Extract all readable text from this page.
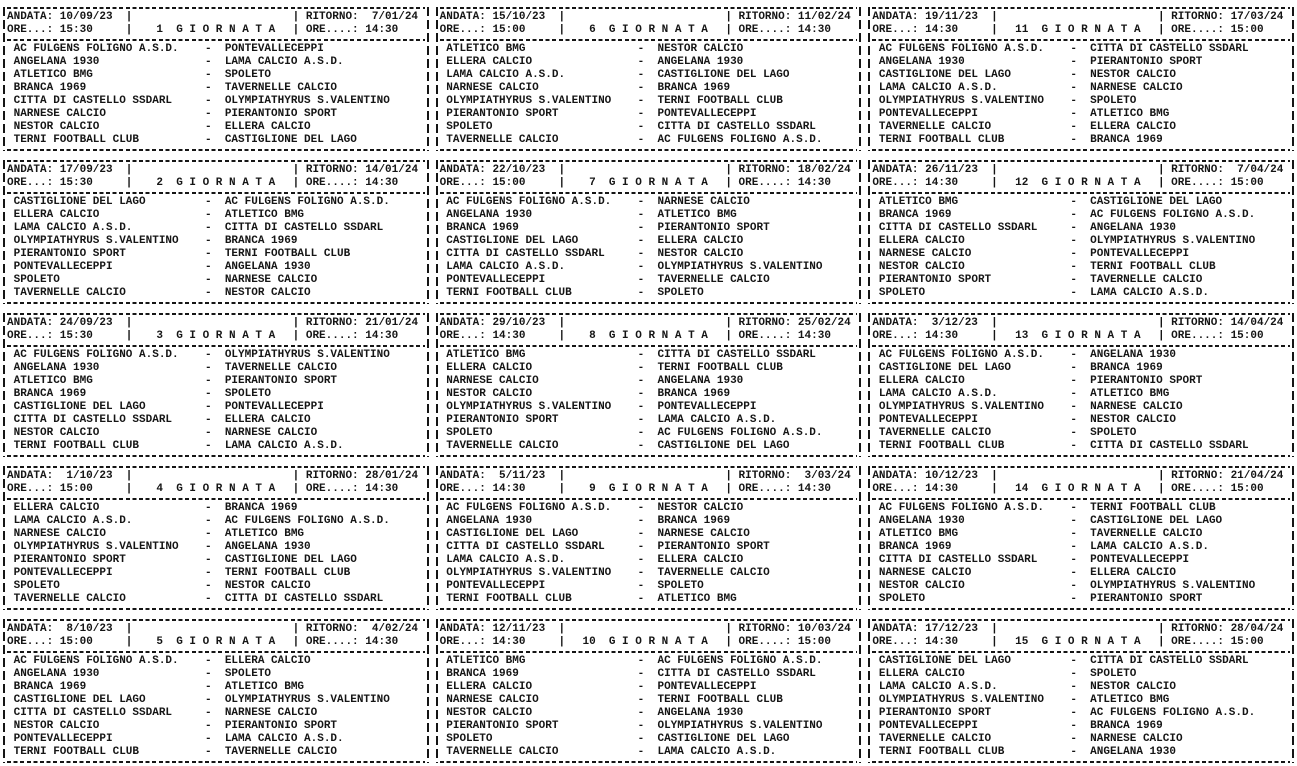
ANDATA: 10/09/23 |	| RITORNO:	7/01/24
ORE...: 15:30	|	1 G I O R N A T A | ORE....: 14:30
AC FULGENS FOLIGNO A.S.D.	-	PONTEVALLECEPPI
ANGELANA 1930	-	LAMA CALCIO A.S.D.
ATLETICO BMG	-	SPOLETO
BRANCA 1969	-	TAVERNELLE CALCIO
CITTA DI CASTELLO SSDARL	-	OLYMPIATHYRUS S.VALENTINO
NARNESE CALCIO	-	PIERANTONIO SPORT
NESTOR CALCIO	-	ELLERA CALCIO
TERNI FOOTBALL CLUB	-	CASTIGLIONE DEL LAGO
ANDATA: 17/09/23 |	| RITORNO: 14/01/24
ORE...: 15:30	|	2 G I O R N A T A | ORE....: 14:30
CASTIGLIONE DEL LAGO	-	AC FULGENS FOLIGNO A.S.D.
ELLERA CALCIO	-	ATLETICO BMG
LAMA CALCIO A.S.D.	-	CITTA DI CASTELLO SSDARL
OLYMPIATHYRUS S.VALENTINO	-	BRANCA 1969
PIERANTONIO SPORT	-	TERNI FOOTBALL CLUB
PONTEVALLECEPPI	-	ANGELANA 1930
SPOLETO	-	NARNESE CALCIO
TAVERNELLE CALCIO	-	NESTOR CALCIO
ANDATA: 24/09/23 |	| RITORNO: 21/01/24
ORE...: 15:30	|	3 G I O R N A T A | ORE....: 14:30
AC FULGENS FOLIGNO A.S.D.	-	OLYMPIATHYRUS S.VALENTINO
ANGELANA 1930	-	TAVERNELLE CALCIO
ATLETICO BMG	-	PIERANTONIO SPORT
BRANCA 1969	-	SPOLETO
CASTIGLIONE DEL LAGO	-	PONTEVALLECEPPI
CITTA DI CASTELLO SSDARL	-	ELLERA CALCIO
NESTOR CALCIO	-	NARNESE CALCIO
TERNI FOOTBALL CLUB	-	LAMA CALCIO A.S.D.
ANDATA:	1/10/23 |	| RITORNO: 28/01/24
ORE...: 15:00	|	4 G I O R N A T A | ORE....: 14:30
ELLERA CALCIO	-	BRANCA 1969
LAMA CALCIO A.S.D.	-	AC FULGENS FOLIGNO A.S.D.
NARNESE CALCIO	-	ATLETICO BMG
OLYMPIATHYRUS S.VALENTINO	-	ANGELANA 1930
PIERANTONIO SPORT	-	CASTIGLIONE DEL LAGO
PONTEVALLECEPPI	-	TERNI FOOTBALL CLUB
SPOLETO	-	NESTOR CALCIO
TAVERNELLE CALCIO	-	CITTA DI CASTELLO SSDARL
ANDATA:	8/10/23 |	| RITORNO:	4/02/24
ORE...: 15:00	|	5 G I O R N A T A | ORE....: 14:30
AC FULGENS FOLIGNO A.S.D.	-	ELLERA CALCIO
ANGELANA 1930	-	SPOLETO
BRANCA 1969	-	ATLETICO BMG
CASTIGLIONE DEL LAGO	-	OLYMPIATHYRUS S.VALENTINO
CITTA DI CASTELLO SSDARL	-	NARNESE CALCIO
NESTOR CALCIO	-	PIERANTONIO SPORT
PONTEVALLECEPPI	-	LAMA CALCIO A.S.D.
TERNI FOOTBALL CLUB	-	TAVERNELLE CALCIO
ANDATA: 15/10/23 |	| RITORNO: 11/02/24
ORE...: 15:00	|	6 G I O R N A T A | ORE....: 14:30
ATLETICO BMG	-	NESTOR CALCIO
ELLERA CALCIO	-	ANGELANA 1930
LAMA CALCIO A.S.D.	-	CASTIGLIONE DEL LAGO
NARNESE CALCIO	-	BRANCA 1969
OLYMPIATHYRUS S.VALENTINO	-	TERNI FOOTBALL CLUB
PIERANTONIO SPORT	-	PONTEVALLECEPPI
SPOLETO	-	CITTA DI CASTELLO SSDARL
TAVERNELLE CALCIO	-	AC FULGENS FOLIGNO A.S.D.
ANDATA: 22/10/23 |	| RITORNO: 18/02/24
ORE...: 15:00	|	7 G I O R N A T A | ORE....: 14:30
AC FULGENS FOLIGNO A.S.D.	-	NARNESE CALCIO
ANGELANA 1930	-	ATLETICO BMG
BRANCA 1969	-	PIERANTONIO SPORT
CASTIGLIONE DEL LAGO	-	ELLERA CALCIO
CITTA DI CASTELLO SSDARL	-	NESTOR CALCIO
LAMA CALCIO A.S.D.	-	OLYMPIATHYRUS S.VALENTINO
PONTEVALLECEPPI	-	TAVERNELLE CALCIO
TERNI FOOTBALL CLUB	-	SPOLETO
ANDATA: 29/10/23 |	| RITORNO: 25/02/24
ORE...: 14:30	|	8 G I O R N A T A | ORE....: 14:30
ATLETICO BMG	-	CITTA DI CASTELLO SSDARL
ELLERA CALCIO	-	TERNI FOOTBALL CLUB
NARNESE CALCIO	-	ANGELANA 1930
NESTOR CALCIO	-	BRANCA 1969
OLYMPIATHYRUS S.VALENTINO	-	PONTEVALLECEPPI
PIERANTONIO SPORT	-	LAMA CALCIO A.S.D.
SPOLETO	-	AC FULGENS FOLIGNO A.S.D.
TAVERNELLE CALCIO	-	CASTIGLIONE DEL LAGO
ANDATA:	5/11/23 |	| RITORNO:	3/03/24
ORE...: 14:30	|	9 G I O R N A T A | ORE....: 14:30
AC FULGENS FOLIGNO A.S.D.	-	NESTOR CALCIO
ANGELANA 1930	-	BRANCA 1969
CASTIGLIONE DEL LAGO	-	NARNESE CALCIO
CITTA DI CASTELLO SSDARL	-	PIERANTONIO SPORT
LAMA CALCIO A.S.D.	-	ELLERA CALCIO
OLYMPIATHYRUS S.VALENTINO	-	TAVERNELLE CALCIO
PONTEVALLECEPPI	-	SPOLETO
TERNI FOOTBALL CLUB	-	ATLETICO BMG
ANDATA: 12/11/23 |	| RITORNO: 10/03/24
ORE...: 14:30	| 10 G I O R N A T A | ORE....: 15:00
ATLETICO BMG	-	AC FULGENS FOLIGNO A.S.D.
BRANCA 1969	-	CITTA DI CASTELLO SSDARL
ELLERA CALCIO	-	PONTEVALLECEPPI
NARNESE CALCIO	-	TERNI FOOTBALL CLUB
NESTOR CALCIO	-	ANGELANA 1930
PIERANTONIO SPORT	-	OLYMPIATHYRUS S.VALENTINO
SPOLETO	-	CASTIGLIONE DEL LAGO
TAVERNELLE CALCIO	-	LAMA CALCIO A.S.D.
ANDATA: 19/11/23 |	| RITORNO: 17/03/24
ORE...: 14:30	| 11 G I O R N A T A | ORE....: 15:00
AC FULGENS FOLIGNO A.S.D.	-	CITTA DI CASTELLO SSDARL
ANGELANA 1930	-	PIERANTONIO SPORT
CASTIGLIONE DEL LAGO	-	NESTOR CALCIO
LAMA CALCIO A.S.D.	-	NARNESE CALCIO
OLYMPIATHYRUS S.VALENTINO	-	SPOLETO
PONTEVALLECEPPI	-	ATLETICO BMG
TAVERNELLE CALCIO	-	ELLERA CALCIO
TERNI FOOTBALL CLUB	-	BRANCA 1969
ANDATA: 26/11/23 |	| RITORNO:	7/04/24
ORE...: 14:30	| 12 G I O R N A T A | ORE....: 15:00
ATLETICO BMG	-	CASTIGLIONE DEL LAGO
BRANCA 1969	-	AC FULGENS FOLIGNO A.S.D.
CITTA DI CASTELLO SSDARL	-	ANGELANA 1930
ELLERA CALCIO	-	OLYMPIATHYRUS S.VALENTINO
NARNESE CALCIO	-	PONTEVALLECEPPI
NESTOR CALCIO	-	TERNI FOOTBALL CLUB
PIERANTONIO SPORT	-	TAVERNELLE CALCIO
SPOLETO	-	LAMA CALCIO A.S.D.
ANDATA:	3/12/23 |	| RITORNO: 14/04/24
ORE...: 14:30	| 13 G I O R N A T A | ORE....: 15:00
AC FULGENS FOLIGNO A.S.D.	-	ANGELANA 1930
CASTIGLIONE DEL LAGO	-	BRANCA 1969
ELLERA CALCIO	-	PIERANTONIO SPORT
LAMA CALCIO A.S.D.	-	ATLETICO BMG
OLYMPIATHYRUS S.VALENTINO	-	NARNESE CALCIO
PONTEVALLECEPPI	-	NESTOR CALCIO
TAVERNELLE CALCIO	-	SPOLETO
TERNI FOOTBALL CLUB	-	CITTA DI CASTELLO SSDARL
ANDATA: 10/12/23 |	| RITORNO: 21/04/24
ORE...: 14:30	| 14 G I O R N A T A | ORE....: 15:00
AC FULGENS FOLIGNO A.S.D.	-	TERNI FOOTBALL CLUB
ANGELANA 1930	-	CASTIGLIONE DEL LAGO
ATLETICO BMG	-	TAVERNELLE CALCIO
BRANCA 1969	-	LAMA CALCIO A.S.D.
CITTA DI CASTELLO SSDARL	-	PONTEVALLECEPPI
NARNESE CALCIO	-	ELLERA CALCIO
NESTOR CALCIO	-	OLYMPIATHYRUS S.VALENTINO
SPOLETO	-	PIERANTONIO SPORT
ANDATA: 17/12/23 |	| RITORNO: 28/04/24
ORE...: 14:30	| 15 G I O R N A T A | ORE....: 15:00
CASTIGLIONE DEL LAGO	-	CITTA DI CASTELLO SSDARL
ELLERA CALCIO	-	SPOLETO
LAMA CALCIO A.S.D.	-	NESTOR CALCIO
OLYMPIATHYRUS S.VALENTINO	-	ATLETICO BMG
PIERANTONIO SPORT	-	AC FULGENS FOLIGNO A.S.D.
PONTEVALLECEPPI	-	BRANCA 1969
TAVERNELLE CALCIO	-	NARNESE CALCIO
TERNI FOOTBALL CLUB	-	ANGELANA 1930
